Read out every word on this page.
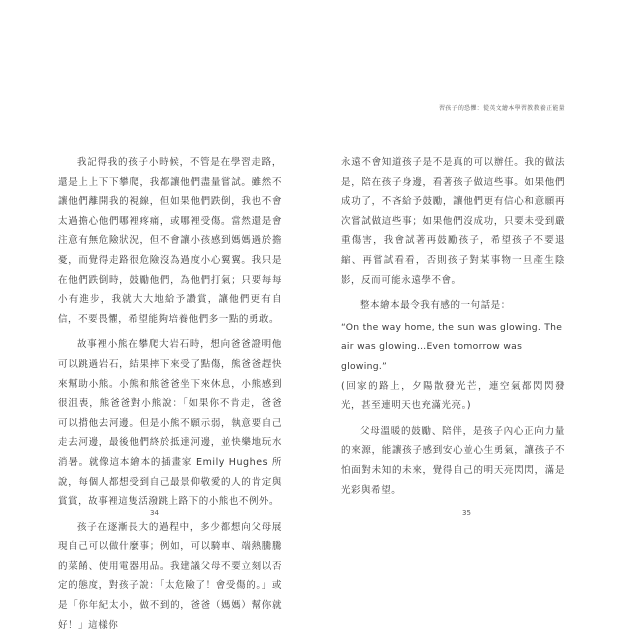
我記得我的孩子小時候，不管是在學習走路，還是上上下下攀爬，我都讓他們盡量嘗試。雖然不讓他們離開我的視線，但如果他們跌倒，我也不會太過擔心他們哪裡疼痛，或哪裡受傷。當然還是會注意有無危險狀況，但不會讓小孩感到媽媽過於擔憂，而覺得走路很危險沒為過度小心翼翼。我只是在他們跌倒時，鼓勵他們，為他們打氣；只要每每小有進步，我就大大地給予讚賞，讓他們更有自信，不要畏懼，希望能夠培養他們多一點的勇敢。

故事裡小熊在攀爬大岩石時，想向爸爸證明他可以跳過岩石，結果摔下來受了點傷，熊爸爸趕快來幫助小熊。小熊和熊爸爸坐下來休息，小熊感到很沮喪，熊爸爸對小熊說：「如果你不肯走，爸爸可以揹他去河邊。但是小熊不願示弱，執意要自己走去河邊，最後他們終於抵達河邊，並快樂地玩水消暑。就像這本繪本的插畫家 Emily Hughes 所說，每個人都想受到自己最景仰敬愛的人的肯定與賞賞，故事裡這隻活潑跳上路下的小熊也不例外。

孩子在逐漸長大的過程中，多少都想向父母展現自己可以做什麼事；例如，可以騎車、端熱騰騰的菜餚、使用電器用品。我建議父母不要立刻以否定的態度，對孩子說：「太危險了！會受傷的。」或是「你年紀太小，做不到的，爸爸（媽媽）幫你就好！」這樣你

34
習孩子的恐懼：從英文繪本學習教教養正能量

永遠不會知道孩子是不是真的可以辦任。我的做法是，陪在孩子身邊，看著孩子做這些事。如果他們成功了，不吝給予鼓勵，讓他們更有信心和意願再次嘗試做這些事；如果他們沒成功，只要未受到嚴重傷害，我會試著再鼓勵孩子，希望孩子不要退縮、再嘗試看看，否則孩子對某事物一旦產生陰影，反而可能永遠學不會。

整本繪本最令我有感的一句話是：

“On the way home, the sun was glowing. The air was glowing…Even tomorrow was glowing.”

(回家的路上，夕陽散發光芒，連空氣都閃閃發光，甚至連明天也充滿光亮。)

父母溫暖的鼓勵、陪伴，是孩子內心正向力量的來源，能讓孩子感到安心並心生勇氣，讓孩子不怕面對未知的未來，覺得自己的明天亮閃閃，滿是光彩與希望。

35
